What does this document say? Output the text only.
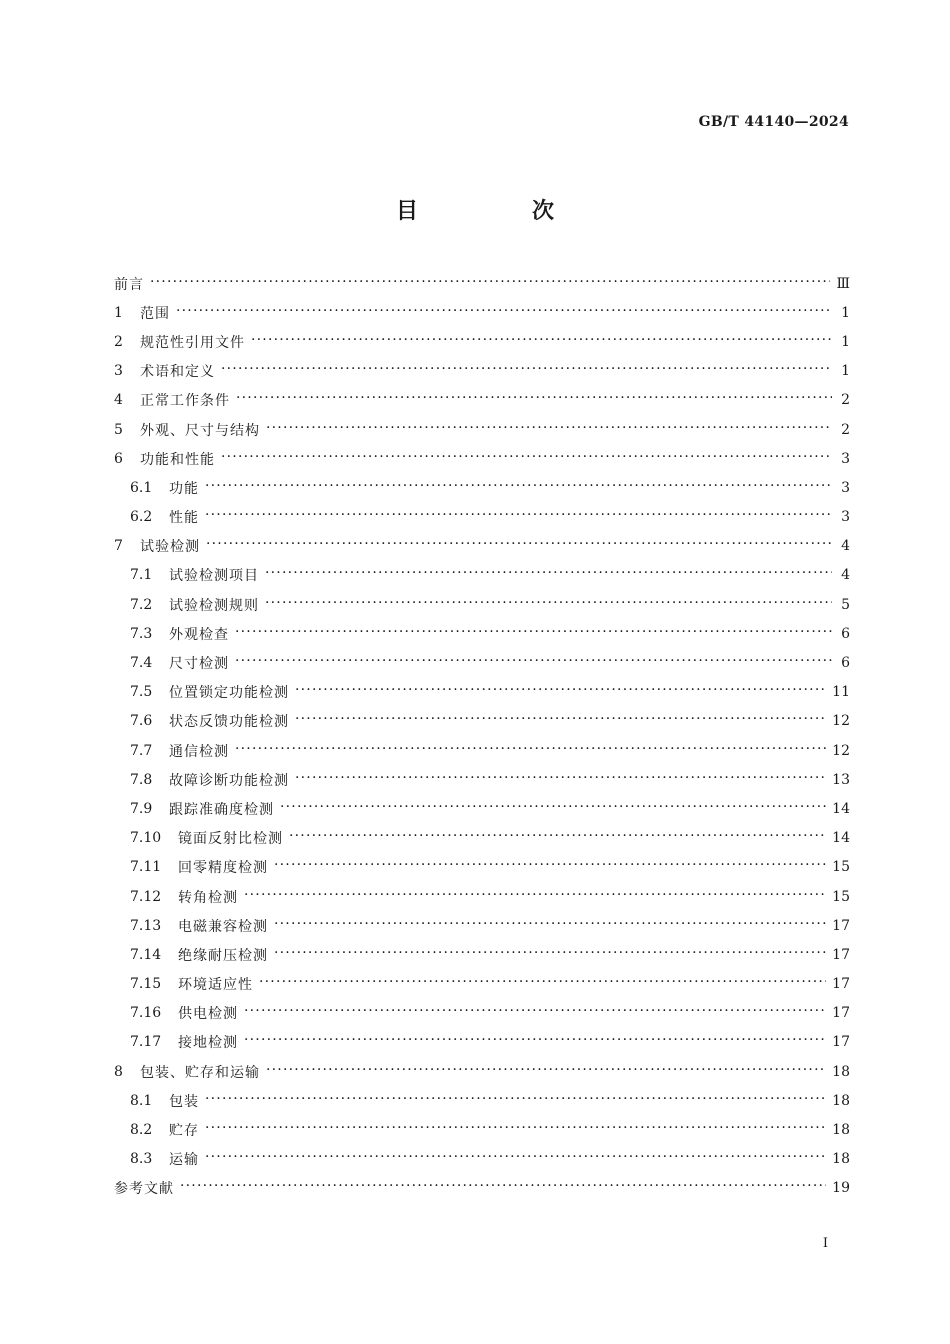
GB/T 44140—2024
目　次
前言 ·····	Ⅲ
1	范围 ·····	1
2	规范性引用文件 ·····	1
3	术语和定义 ·····	1
4	正常工作条件 ·····	2
5	外观、尺寸与结构 ·····	2
6	功能和性能 ·····	3
6.1	功能 ·····	3
6.2	性能 ·····	3
7	试验检测 ·····	4
7.1	试验检测项目 ·····	4
7.2	试验检测规则 ·····	5
7.3	外观检查 ·····	6
7.4	尺寸检测 ·····	6
7.5	位置锁定功能检测 ·····	11
7.6	状态反馈功能检测 ·····	12
7.7	通信检测 ·····	12
7.8	故障诊断功能检测 ·····	13
7.9	跟踪准确度检测 ·····	14
7.10	镜面反射比检测 ·····	14
7.11	回零精度检测 ·····	15
7.12	转角检测 ·····	15
7.13	电磁兼容检测 ·····	17
7.14	绝缘耐压检测 ·····	17
7.15	环境适应性 ·····	17
7.16	供电检测 ·····	17
7.17	接地检测 ·····	17
8	包装、贮存和运输 ·····	18
8.1	包装 ·····	18
8.2	贮存 ·····	18
8.3	运输 ·····	18
参考文献 ·····	19
I
